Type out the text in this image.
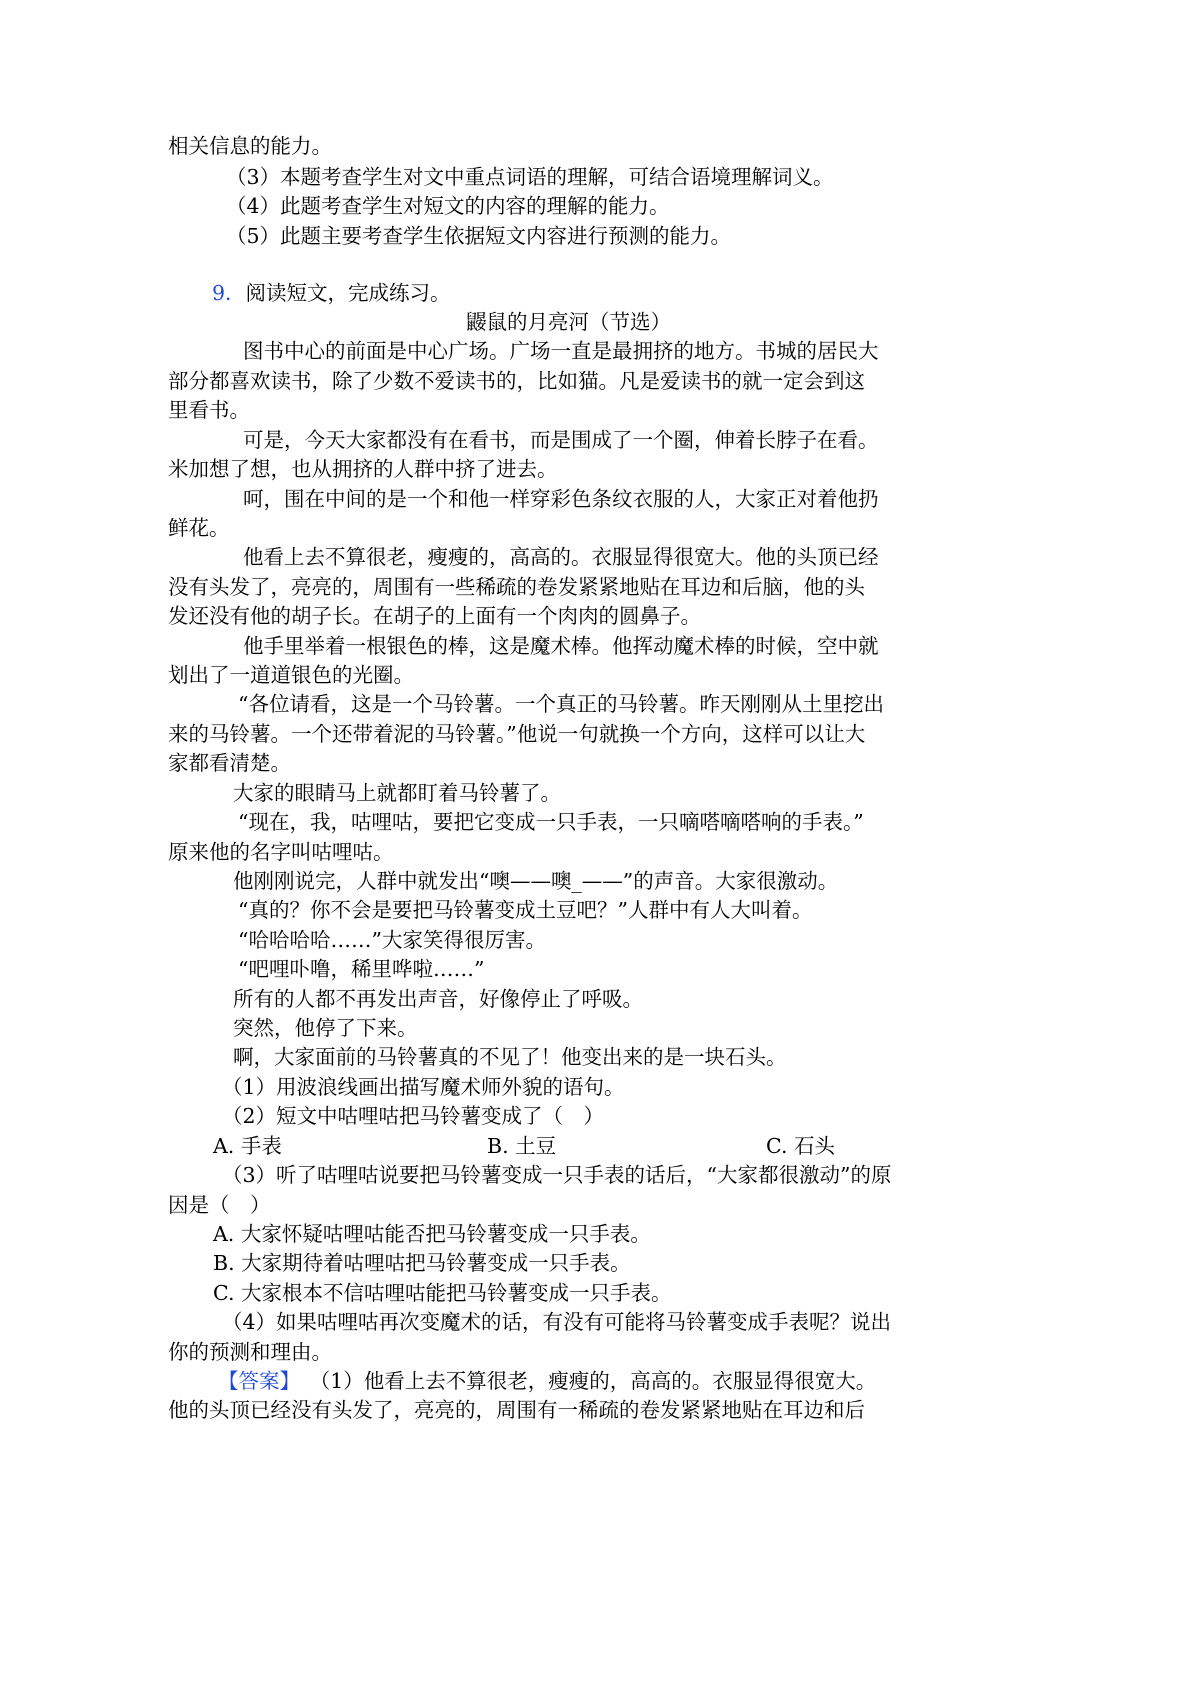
相关信息的能力。
（3）本题考查学生对文中重点词语的理解，可结合语境理解词义。
（4）此题考查学生对短文的内容的理解的能力。
（5）此题主要考查学生依据短文内容进行预测的能力。
9．阅读短文，完成练习。
鼹鼠的月亮河（节选）
图书中心的前面是中心广场。广场一直是最拥挤的地方。书城的居民大
部分都喜欢读书，除了少数不爱读书的，比如猫。凡是爱读书的就一定会到这
里看书。
可是，今天大家都没有在看书，而是围成了一个圈，伸着长脖子在看。
米加想了想，也从拥挤的人群中挤了进去。
呵，围在中间的是一个和他一样穿彩色条纹衣服的人，大家正对着他扔
鲜花。
他看上去不算很老，瘦瘦的，高高的。衣服显得很宽大。他的头顶已经
没有头发了，亮亮的，周围有一些稀疏的卷发紧紧地贴在耳边和后脑，他的头
发还没有他的胡子长。在胡子的上面有一个肉肉的圆鼻子。
他手里举着一根银色的棒，这是魔术棒。他挥动魔术棒的时候，空中就
划出了一道道银色的光圈。
“各位请看，这是一个马铃薯。一个真正的马铃薯。昨天刚刚从土里挖出
来的马铃薯。一个还带着泥的马铃薯。”他说一句就换一个方向，这样可以让大
家都看清楚。
大家的眼睛马上就都盯着马铃薯了。
“现在，我，咕哩咕，要把它变成一只手表，一只嘀嗒嘀嗒响的手表。”
原来他的名字叫咕哩咕。
他刚刚说完，人群中就发出“噢——噢_——”的声音。大家很激动。
“真的？你不会是要把马铃薯变成土豆吧？”人群中有人大叫着。
“哈哈哈哈……”大家笑得很厉害。
“吧哩卟噜，稀里哗啦……”
所有的人都不再发出声音，好像停止了呼吸。
突然，他停了下来。
啊，大家面前的马铃薯真的不见了！他变出来的是一块石头。
（1）用波浪线画出描写魔术师外貌的语句。
（2）短文中咕哩咕把马铃薯变成了（　）
A. 手表	B. 土豆	C. 石头
（3）听了咕哩咕说要把马铃薯变成一只手表的话后，“大家都很激动”的原
因是（　）
A. 大家怀疑咕哩咕能否把马铃薯变成一只手表。
B. 大家期待着咕哩咕把马铃薯变成一只手表。
C. 大家根本不信咕哩咕能把马铃薯变成一只手表。
（4）如果咕哩咕再次变魔术的话，有没有可能将马铃薯变成手表呢？说出
你的预测和理由。
【答案】 （1）他看上去不算很老，瘦瘦的，高高的。衣服显得很宽大。
他的头顶已经没有头发了，亮亮的，周围有一稀疏的卷发紧紧地贴在耳边和后
